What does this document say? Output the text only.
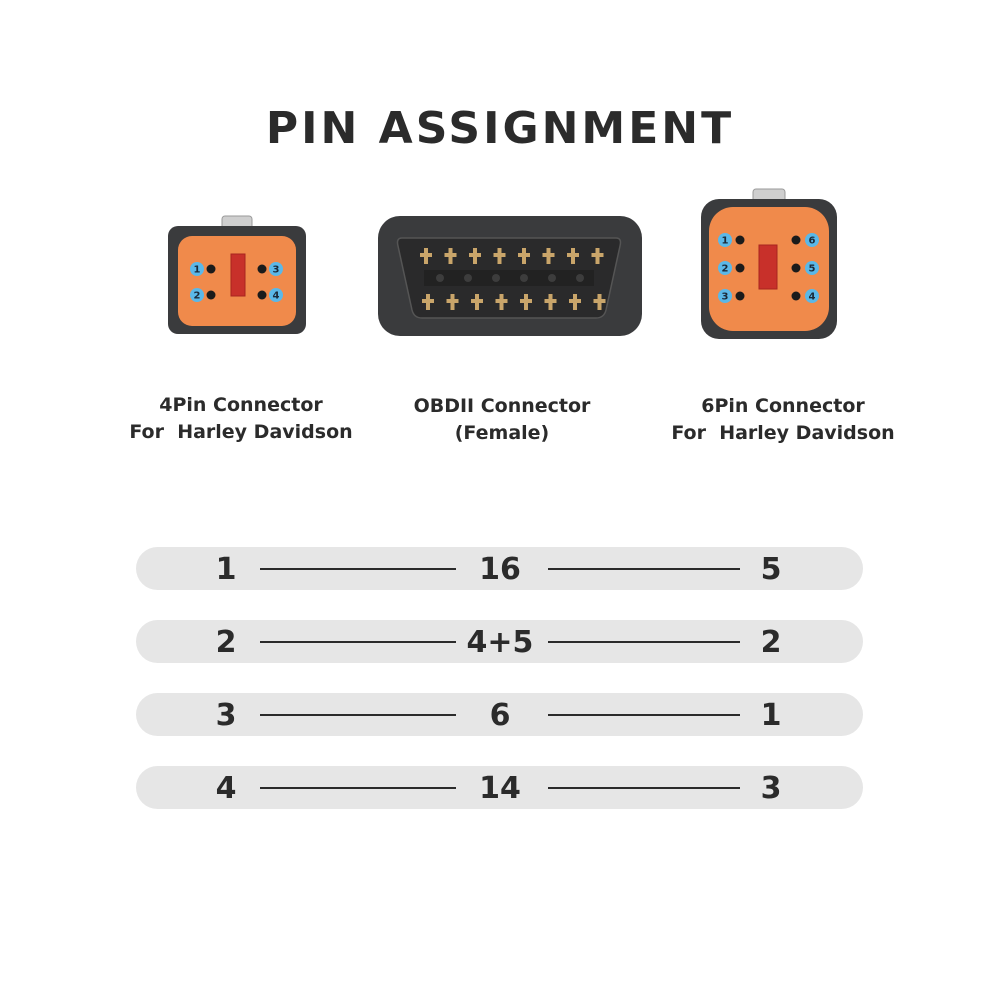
PIN ASSIGNMENT
1
2
3
4
1
2
3
6
5
4
4Pin Connector
For  Harley Davidson
OBDII Connector
(Female)
6Pin Connector
For  Harley Davidson
1	16	5
2	4+5	2
3	6	1
4	14	3
